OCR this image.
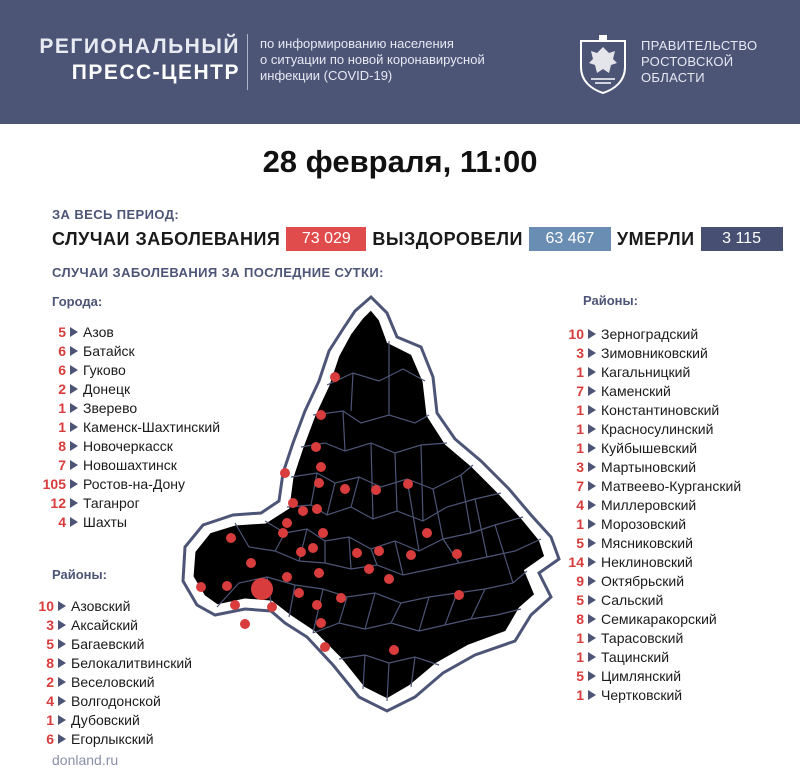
РЕГИОНАЛЬНЫЙ
ПРЕСС-ЦЕНТР
по информированию населения
о ситуации по новой коронавирусной
инфекции (COVID-19)
ПРАВИТЕЛЬСТВО
РОСТОВСКОЙ
ОБЛАСТИ
28 февраля, 11:00
ЗА ВЕСЬ ПЕРИОД:
СЛУЧАИ ЗАБОЛЕВАНИЯ	73 029	ВЫЗДОРОВЕЛИ	63 467	УМЕРЛИ	3 115
СЛУЧАИ ЗАБОЛЕВАНИЯ ЗА ПОСЛЕДНИЕ СУТКИ:
Города:
5 Азов
6 Батайск
6 Гуково
2 Донецк
1 Зверево
1 Каменск-Шахтинский
8 Новочеркасск
7 Новошахтинск
105 Ростов-на-Дону
12 Таганрог
4 Шахты
Районы:
10 Азовский
3 Аксайский
5 Багаевский
8 Белокалитвинский
2 Веселовский
4 Волгодонской
1 Дубовский
6 Егорлыкский
Районы:
10 Зерноградский
3 Зимовниковский
1 Кагальницкий
7 Каменский
1 Константиновский
1 Красносулинский
1 Куйбышевский
3 Мартыновский
7 Матвеево-Курганский
4 Миллеровский
1 Морозовский
5 Мясниковский
14 Неклиновский
9 Октябрьский
5 Сальский
8 Семикаракорский
1 Тарасовский
1 Тацинский
5 Цимлянский
1 Чертковский
donland.ru
